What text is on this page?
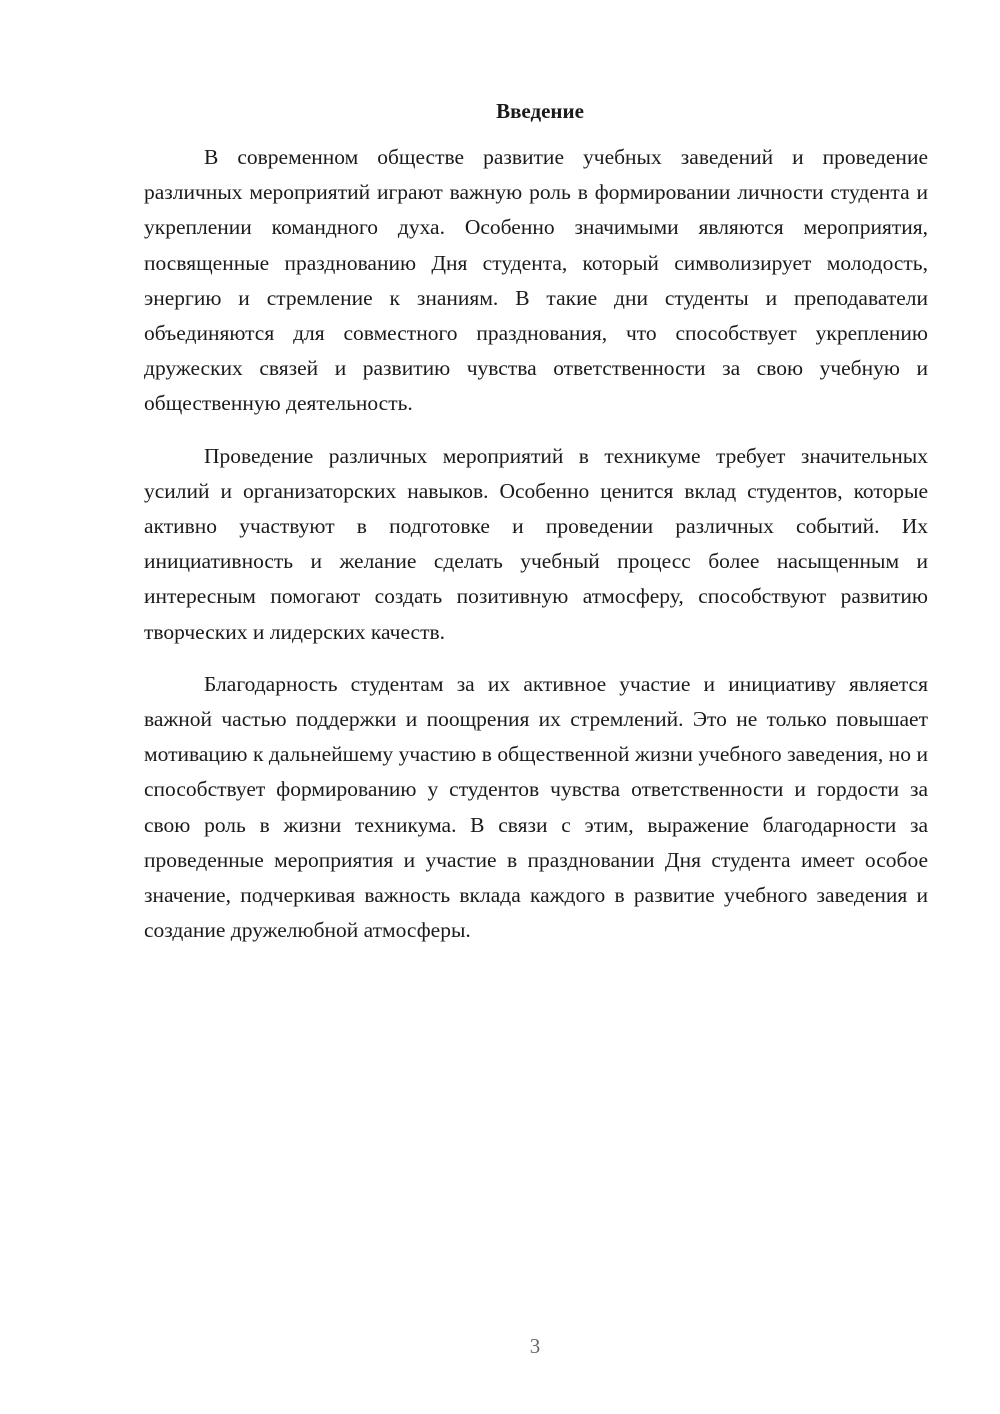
Введение

В современном обществе развитие учебных заведений и проведение различных мероприятий играют важную роль в формировании личности студента и укреплении командного духа. Особенно значимыми являются мероприятия, посвященные празднованию Дня студента, который символизирует молодость, энергию и стремление к знаниям. В такие дни студенты и преподаватели объединяются для совместного празднования, что способствует укреплению дружеских связей и развитию чувства ответственности за свою учебную и общественную деятельность.

Проведение различных мероприятий в техникуме требует значительных усилий и организаторских навыков. Особенно ценится вклад студентов, которые активно участвуют в подготовке и проведении различных событий. Их инициативность и желание сделать учебный процесс более насыщенным и интересным помогают создать позитивную атмосферу, способствуют развитию творческих и лидерских качеств.

Благодарность студентам за их активное участие и инициативу является важной частью поддержки и поощрения их стремлений. Это не только повышает мотивацию к дальнейшему участию в общественной жизни учебного заведения, но и способствует формированию у студентов чувства ответственности и гордости за свою роль в жизни техникума. В связи с этим, выражение благодарности за проведенные мероприятия и участие в праздновании Дня студента имеет особое значение, подчеркивая важность вклада каждого в развитие учебного заведения и создание дружелюбной атмосферы.

3
